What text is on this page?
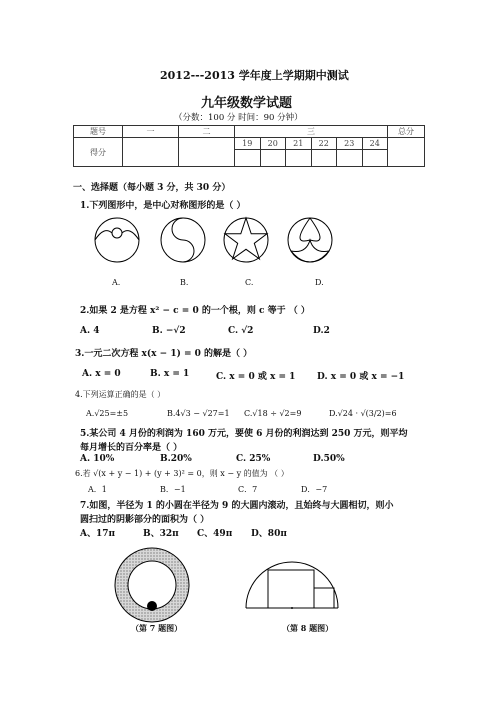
2012---2013 学年度上学期期中测试
九年级数学试题
（分数：100 分 时间：90 分钟）
题号	一	二	三						总分
得分			19	20	21	22	23	24	

一、选择题（每小题 3 分，共 30 分）
1.下列图形中，是中心对称图形的是（ ）
A.	B.	C.	D.
2.如果 2 是方程 x² − c = 0 的一个根，则 c 等于 （ ）
A. 4	B. −√2	C. √2	D.2
3.一元二次方程 x(x − 1) = 0 的解是（ ）
A. x = 0	B. x = 1	C. x = 0 或 x = 1 D. x = 0 或 x = −1
4.下列运算正确的是（ ）
A.√25=±5	B.4√3 − √27=1 C.√18 ÷ √2=9	D.√24 · √(3/2)=6
5.某公司 4 月份的利润为 160 万元，要使 6 月份的利润达到 250 万元，则平均
每月增长的百分率是（ ）
A. 10%	B.20%	C. 25%	D.50%
6.若 √(x + y − 1) + (y + 3)² = 0，则 x − y 的值为 （ ）
A．1	B．−1	C．7	D．−7
7.如图，半径为 1 的小圆在半径为 9 的大圆内滚动，且始终与大圆相切，则小
圆扫过的阴影部分的面积为（ ）
A、17π	B、32π C、49π D、80π
（第 7 题图）	（第 8 题图）
